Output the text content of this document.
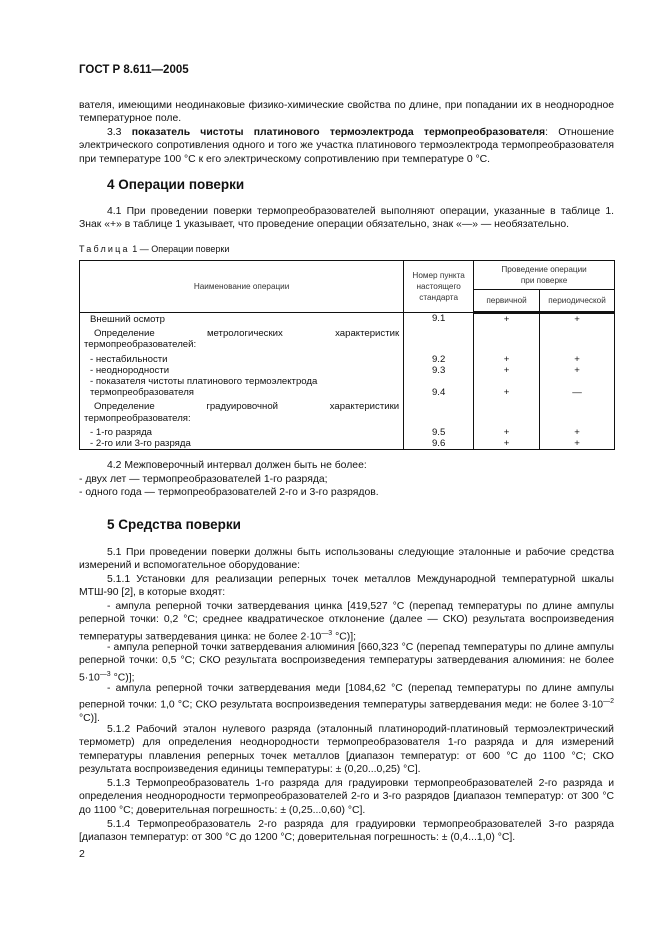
ГОСТ Р 8.611—2005
вателя, имеющими неодинаковые физико-химические свойства по длине, при попадании их в неоднородное температурное поле.
3.3 показатель чистоты платинового термоэлектрода термопреобразователя: Отношение электрического сопротивления одного и того же участка платинового термоэлектрода термопреобразователя при температуре 100 °С к его электрическому сопротивлению при температуре 0 °С.
4 Операции поверки
4.1 При проведении поверки термопреобразователей выполняют операции, указанные в таблице 1. Знак «+» в таблице 1 указывает, что проведение операции обязательно, знак «—» — необязательно.
Таблица 1 — Операции поверки
Наименование операции	Номер пункта настоящего стандарта	Проведение операции при поверке	
		первичной	периодической
Внешний осмотр	9.1	+	+
Определение метрологических характеристик термопреобразователей:			
- нестабильности	9.2	+	+
- неоднородности	9.3	+	+
- показателя чистоты платинового термоэлектрода термопреобразователя	9.4	+	—
Определение градуировочной характеристики термопреобразователя:			
- 1-го разряда	9.5	+	+
- 2-го или 3-го разряда	9.6	+	+
4.2 Межповерочный интервал должен быть не более:
- двух лет — термопреобразователей 1-го разряда;
- одного года — термопреобразователей 2-го и 3-го разрядов.
5 Средства поверки
5.1 При проведении поверки должны быть использованы следующие эталонные и рабочие средства измерений и вспомогательное оборудование:
5.1.1 Установки для реализации реперных точек металлов Международной температурной шкалы МТШ-90 [2], в которые входят:
- ампула реперной точки затвердевания цинка [419,527 °С (перепад температуры по длине ампулы реперной точки: 0,2 °С; среднее квадратическое отклонение (далее — СКО) результата воспроизведения температуры затвердевания цинка: не более $2\cdot 10^{—3}$ °С)];
- ампула реперной точки затвердевания алюминия [660,323 °С (перепад температуры по длине ампулы реперной точки: 0,5 °С; СКО результата воспроизведения температуры затвердевания алюминия: не более $5\cdot 10^{—3}$ °С)];
- ампула реперной точки затвердевания меди [1084,62 °С (перепад температуры по длине ампулы реперной точки: 1,0 °С; СКО результата воспроизведения температуры затвердевания меди: не более $3\cdot 10^{—2}$ °С)].
5.1.2 Рабочий эталон нулевого разряда (эталонный платинородий-платиновый термоэлектрический термометр) для определения неоднородности термопреобразователя 1-го разряда и для измерений температуры плавления реперных точек металлов [диапазон температур: от 600 °С до 1100 °С; СКО результата воспроизведения единицы температуры: ± (0,20...0,25) °С].
5.1.3 Термопреобразователь 1-го разряда для градуировки термопреобразователей 2-го разряда и определения неоднородности термопреобразователей 2-го и 3-го разрядов [диапазон температур: от 300 °С до 1100 °С; доверительная погрешность: ± (0,25...0,60) °С].
5.1.4 Термопреобразователь 2-го разряда для градуировки термопреобразователей 3-го разряда [диапазон температур: от 300 °С до 1200 °С; доверительная погрешность: ± (0,4...1,0) °С].
2
